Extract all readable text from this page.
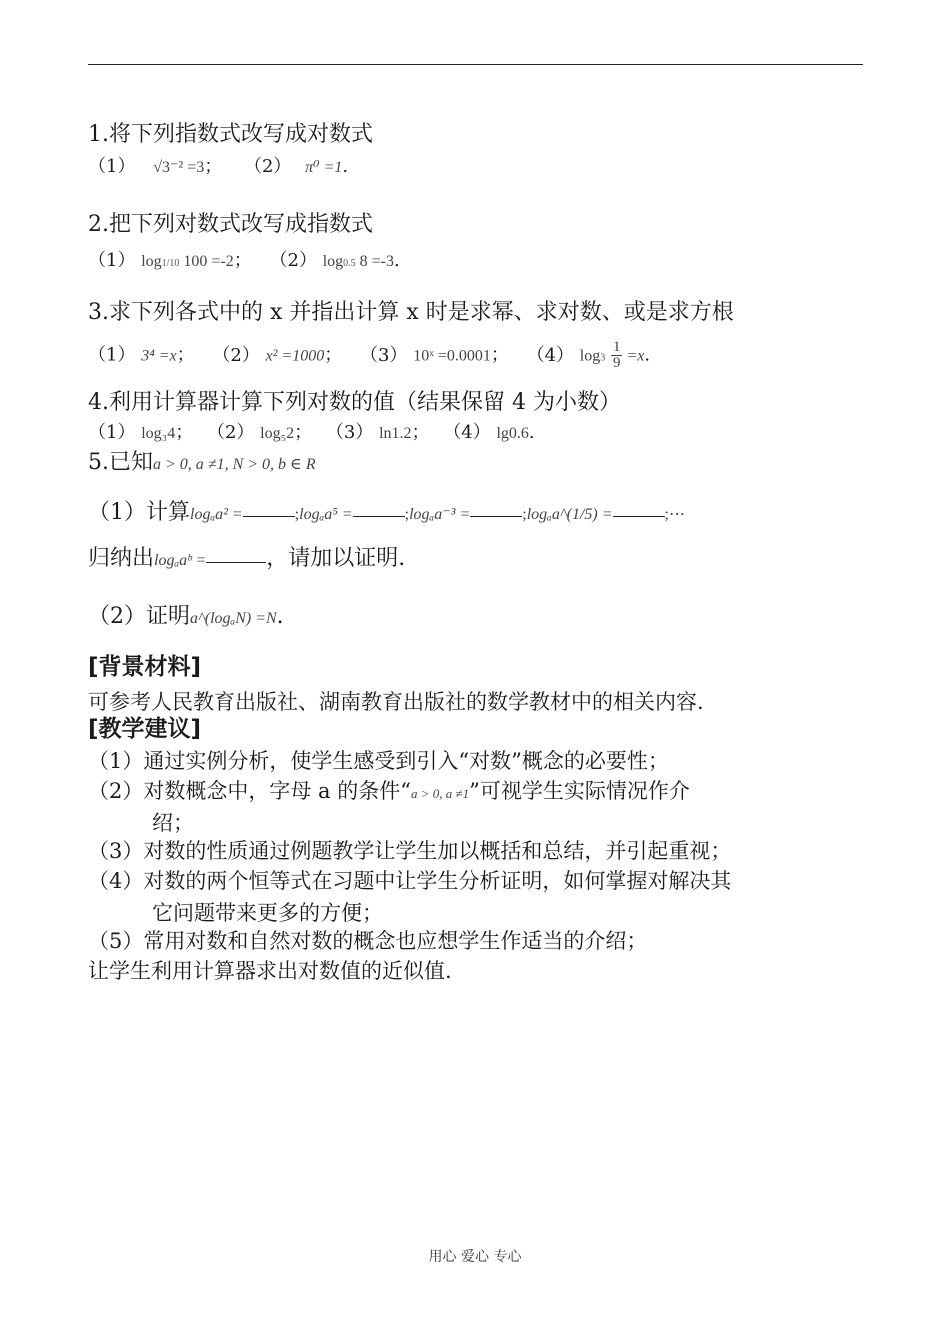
1.将下列指数式改写成对数式
（1） √3⁻² =3； （2） π⁰ =1.
2.把下列对数式改写成指数式
（1） log1/10 100 =-2； （2） log0.5 8 =-3.
3.求下列各式中的 x 并指出计算 x 时是求幂、求对数、或是求方根
（1） 3⁴ =x； （2） x² =1000； （3） 10ˣ =0.0001； （4） $\log 3 \frac{1}{9} =x$.
4.利用计算器计算下列对数的值（结果保留 4 为小数）
（1） log₃4； （2） log₅2； （3） ln1.2； （4） lg0.6.
5.已知a > 0, a ≠1, N > 0, b ∈ R
（1）计算logₐa² =	;logₐa⁵ =	;logₐa⁻³ =	;logₐa^(1/5) =	;⋯
归纳出logₐaᵇ =	，请加以证明.
（2）证明a^(logₐN) =N.
[背景材料]
可参考人民教育出版社、湖南教育出版社的数学教材中的相关内容.
[教学建议]
（1）通过实例分析，使学生感受到引入“对数”概念的必要性；
（2）对数概念中，字母 a 的条件“a > 0, a ≠1”可视学生实际情况作介
绍；
（3）对数的性质通过例题教学让学生加以概括和总结，并引起重视；
（4）对数的两个恒等式在习题中让学生分析证明，如何掌握对解决其
它问题带来更多的方便；
（5）常用对数和自然对数的概念也应想学生作适当的介绍；
让学生利用计算器求出对数值的近似值.
用心 爱心 专心
